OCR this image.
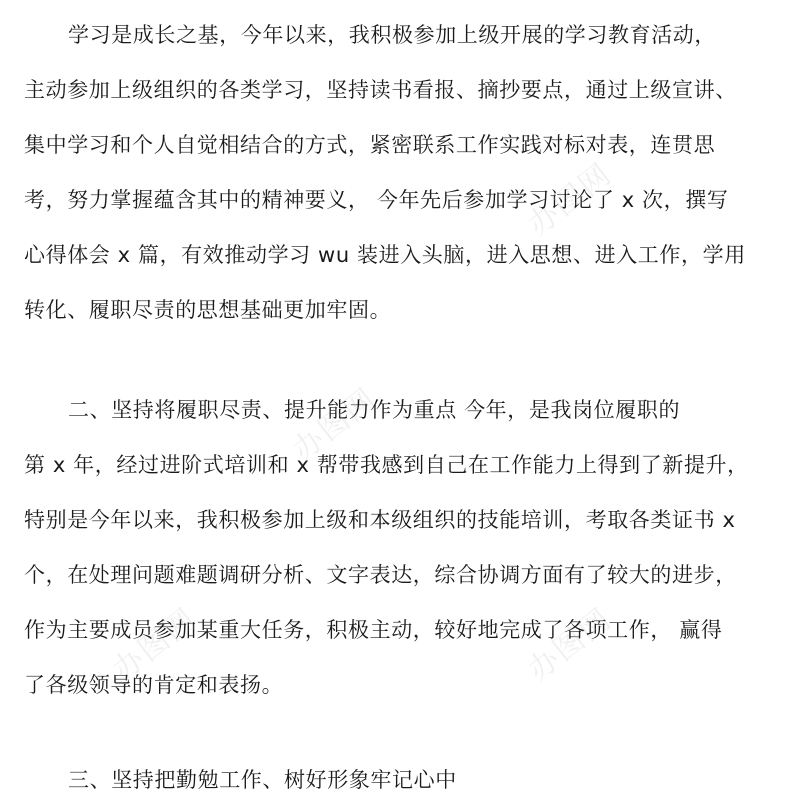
学习是成长之基，今年以来，我积极参加上级开展的学习教育活动，
主动参加上级组织的各类学习，坚持读书看报、摘抄要点，通过上级宣讲、
集中学习和个人自觉相结合的方式，紧密联系工作实践对标对表，连贯思
考，努力掌握蕴含其中的精神要义， 今年先后参加学习讨论了 x 次，撰写
心得体会 x 篇，有效推动学习 wu 装进入头脑，进入思想、进入工作，学用
转化、履职尽责的思想基础更加牢固。
二、坚持将履职尽责、提升能力作为重点 今年，是我岗位履职的
第 x 年，经过进阶式培训和 x 帮带我感到自己在工作能力上得到了新提升，
特别是今年以来，我积极参加上级和本级组织的技能培训，考取各类证书 x
个，在处理问题难题调研分析、文字表达，综合协调方面有了较大的进步，
作为主要成员参加某重大任务，积极主动，较好地完成了各项工作， 赢得
了各级领导的肯定和表扬。
三、坚持把勤勉工作、树好形象牢记心中
办图网
办图网
办图网	办图网
